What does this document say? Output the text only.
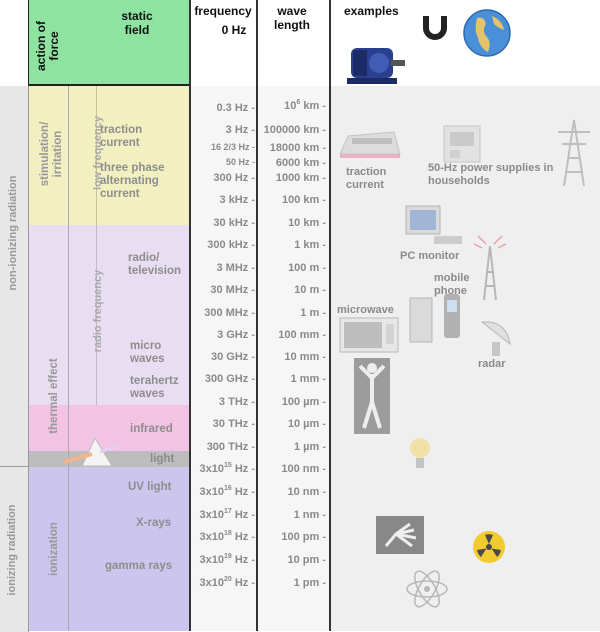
action of force
static field
frequency
0 Hz
wave length
examples
non-ionizing radiation
ionizing radiation
stimulation/ irritation
thermal effect
ionization
low frequency
radio frequency
traction current
three phase alternating current
radio/ television
micro waves
terahertz waves
infrared
light
UV light
X-rays
gamma rays
0.3 Hz -
3 Hz -
16 2/3 Hz -
50 Hz -
300 Hz -
3 kHz -
30 kHz -
300 kHz -
3 MHz -
30 MHz -
300 MHz -
3 GHz -
30 GHz -
300 GHz -
3 THz -
30 THz -
300 THz -
$3x10^{15}$ Hz -
$3x10^{16}$ Hz -
$3x10^{17}$ Hz -
$3x10^{18}$ Hz -
$3x10^{19}$ Hz -
$3x10^{20}$ Hz -
$10^6$ km -
100000 km -
18000 km -
6000 km -
1000 km -
100 km -
10 km -
1 km -
100 m -
10 m -
1 m -
100 mm -
10 mm -
1 mm -
100 µm -
10 µm -
1 µm -
100 nm -
10 nm -
1 nm -
100 pm -
10 pm -
1 pm -
traction current
50-Hz power supplies in households
PC monitor
mobile phone
microwave
radar
